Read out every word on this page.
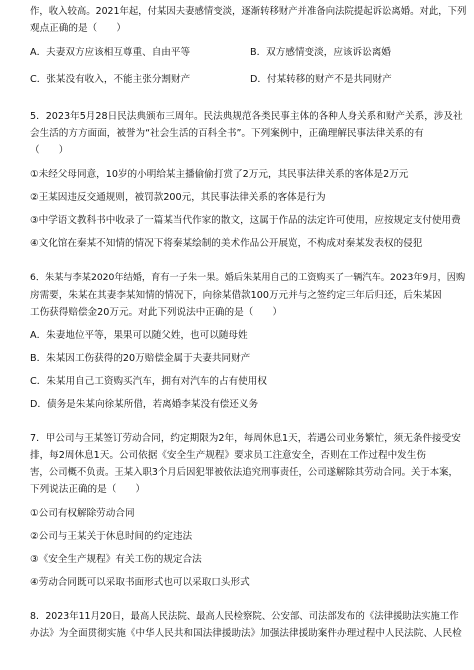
作，收入较高。2021年起，付某因夫妻感情变淡，逐渐转移财产并准备向法院提起诉讼离婚。对此，下列
观点正确的是（　　）
A．夫妻双方应该相互尊重、自由平等	B．双方感情变淡，应该诉讼离婚
C．张某没有收入，不能主张分割财产	D．付某转移的财产不是共同财产
5．2023年5月28日民法典颁布三周年。民法典规范各类民事主体的各种人身关系和财产关系，涉及社
会生活的方方面面，被誉为“社会生活的百科全书”。下列案例中，正确理解民事法律关系的有
（　　）
①未经父母同意，10岁的小明给某主播偷偷打赏了2万元，其民事法律关系的客体是2万元
②王某因违反交通规则，被罚款200元，其民事法律关系的客体是行为
③中学语文教科书中收录了一篇某当代作家的散文，这属于作品的法定许可使用，应按规定支付使用费
④文化馆在秦某不知情的情况下将秦某绘制的美术作品公开展览，不构成对秦某发表权的侵犯
6．朱某与李某2020年结婚，育有一子朱一果。婚后朱某用自己的工资购买了一辆汽车。2023年9月，因购
房需要，朱某在其妻李某知情的情况下，向徐某借款100万元并与之签约定三年后归还，后朱某因
工伤获得赔偿金20万元。对此下列说法中正确的是（　　）
A．朱妻地位平等，果果可以随父姓，也可以随母姓
B．朱某因工伤获得的20万赔偿金属于夫妻共同财产
C．朱某用自己工资购买汽车，拥有对汽车的占有使用权
D．债务是朱某向徐某所借，若离婚李某没有偿还义务
7．甲公司与王某签订劳动合同，约定期限为2年，每周休息1天，若遇公司业务繁忙，须无条件接受安
排，每2周休息1天。公司依据《安全生产规程》要求员工注意安全，否则在工作过程中发生伤
害，公司概不负责。王某入职3个月后因犯罪被依法追究刑事责任，公司遂解除其劳动合同。关于本案，
下列说法正确的是（　　）
①公司有权解除劳动合同
②公司与王某关于休息时间的约定违法
③《安全生产规程》有关工伤的规定合法
④劳动合同既可以采取书面形式也可以采取口头形式
8．2023年11月20日，最高人民法院、最高人民检察院、公安部、司法部发布的《法律援助法实施工作
办法》为全面贯彻实施《中华人民共和国法律援助法》加强法律援助案件办理过程中人民法院、人民检
